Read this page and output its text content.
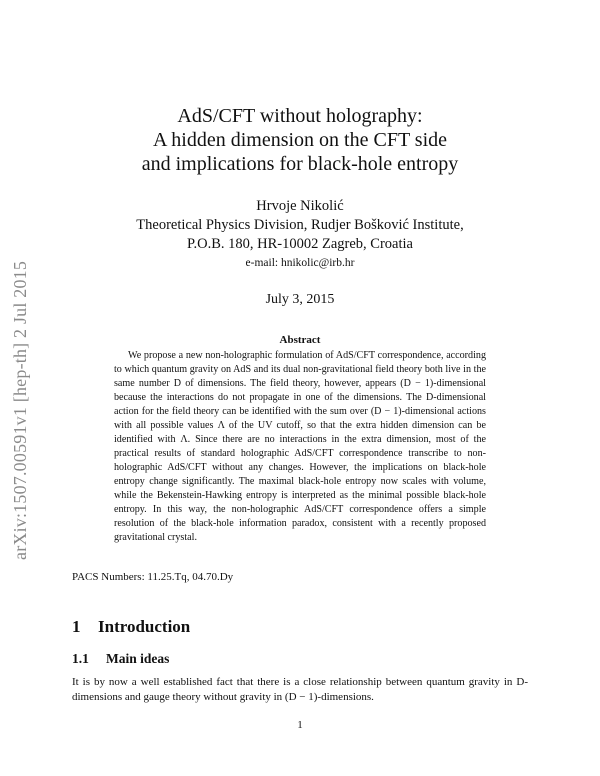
arXiv:1507.00591v1 [hep-th] 2 Jul 2015
AdS/CFT without holography:
A hidden dimension on the CFT side
and implications for black-hole entropy
Hrvoje Nikolić
Theoretical Physics Division, Rudjer Bošković Institute,
P.O.B. 180, HR-10002 Zagreb, Croatia
e-mail: hnikolic@irb.hr
July 3, 2015
Abstract
We propose a new non-holographic formulation of AdS/CFT correspondence, according to which quantum gravity on AdS and its dual non-gravitational field theory both live in the same number D of dimensions. The field theory, however, appears (D − 1)-dimensional because the interactions do not propagate in one of the dimensions. The D-dimensional action for the field theory can be identified with the sum over (D − 1)-dimensional actions with all possible values Λ of the UV cutoff, so that the extra hidden dimension can be identified with Λ. Since there are no interactions in the extra dimension, most of the practical results of standard holographic AdS/CFT correspondence transcribe to non-holographic AdS/CFT without any changes. However, the implications on black-hole entropy change significantly. The maximal black-hole entropy now scales with volume, while the Bekenstein-Hawking entropy is interpreted as the minimal possible black-hole entropy. In this way, the non-holographic AdS/CFT correspondence offers a simple resolution of the black-hole information paradox, consistent with a recently proposed gravitational crystal.
PACS Numbers: 11.25.Tq, 04.70.Dy
1 Introduction
1.1 Main ideas
It is by now a well established fact that there is a close relationship between quantum gravity in D-dimensions and gauge theory without gravity in (D − 1)-dimensions.
1
